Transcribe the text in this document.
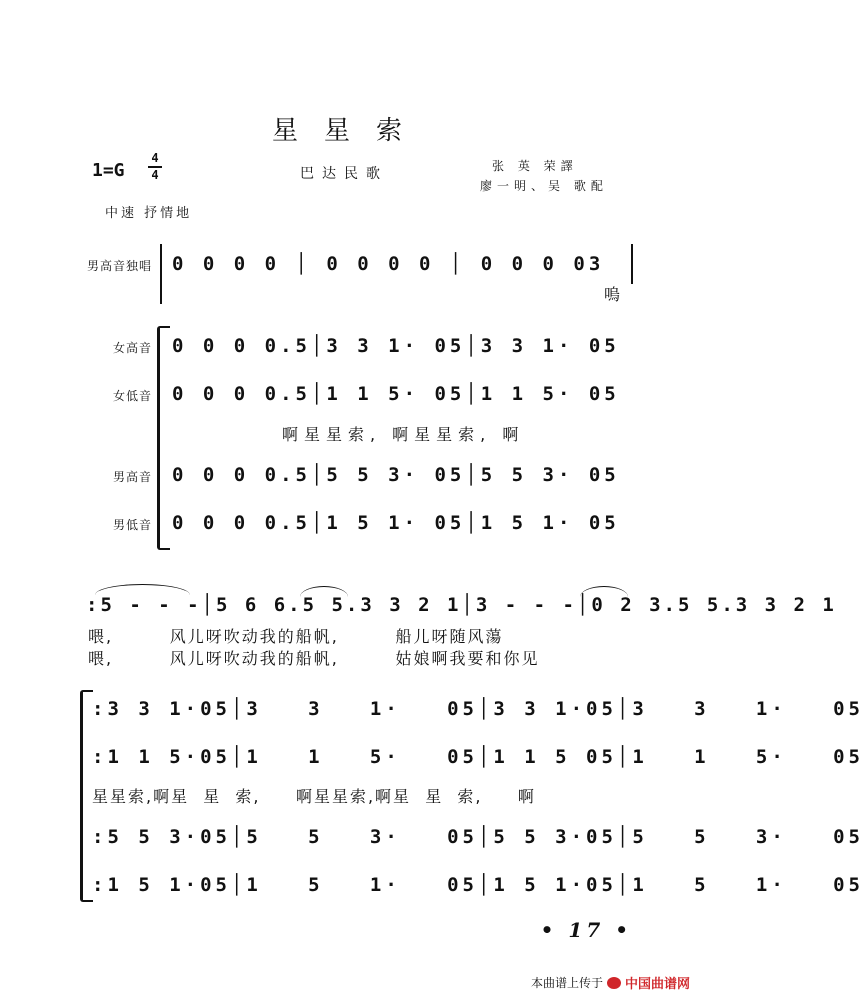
星星索
1=G
4
4	巴达民歌	张 英 荣譯
廖一明、吴 歌配
中速 抒情地
男高音独唱 0 0 0 0 │ 0 0 0 0 │ 0 0 0 03
嗚
女高音 0 0 0 0.5│3 3 1· 05│3 3 1· 05
女低音 0 0 0 0.5│1 1 5· 05│1 1 5· 05
啊星星索, 啊星星索, 啊
男高音 0 0 0 0.5│5 5 3· 05│5 5 3· 05
男低音 0 0 0 0.5│1 5 1· 05│1 5 1· 05
:5 - - -│5 6 6.5 5.3 3 2 1│3 - - -│0 2 3.5 5.3 3 2 1
喂,        风儿呀吹动我的船帆,        船儿呀随风蕩
喂,        风儿呀吹动我的船帆,        姑娘啊我要和你见
:3 3 1·05│3   3   1·   05│3 3 1·05│3   3   1·   05
:1 1 5·05│1   1   5·   05│1 1 5 05│1   1   5·   05
星星索,啊星  星  索,     啊星星索,啊星  星  索,     啊
:5 5 3·05│5   5   3·   05│5 5 3·05│5   5   3·   05
:1 5 1·05│1   5   1·   05│1 5 1·05│1   5   1·   05
• 17 •
本曲谱上传于 中国曲谱网
